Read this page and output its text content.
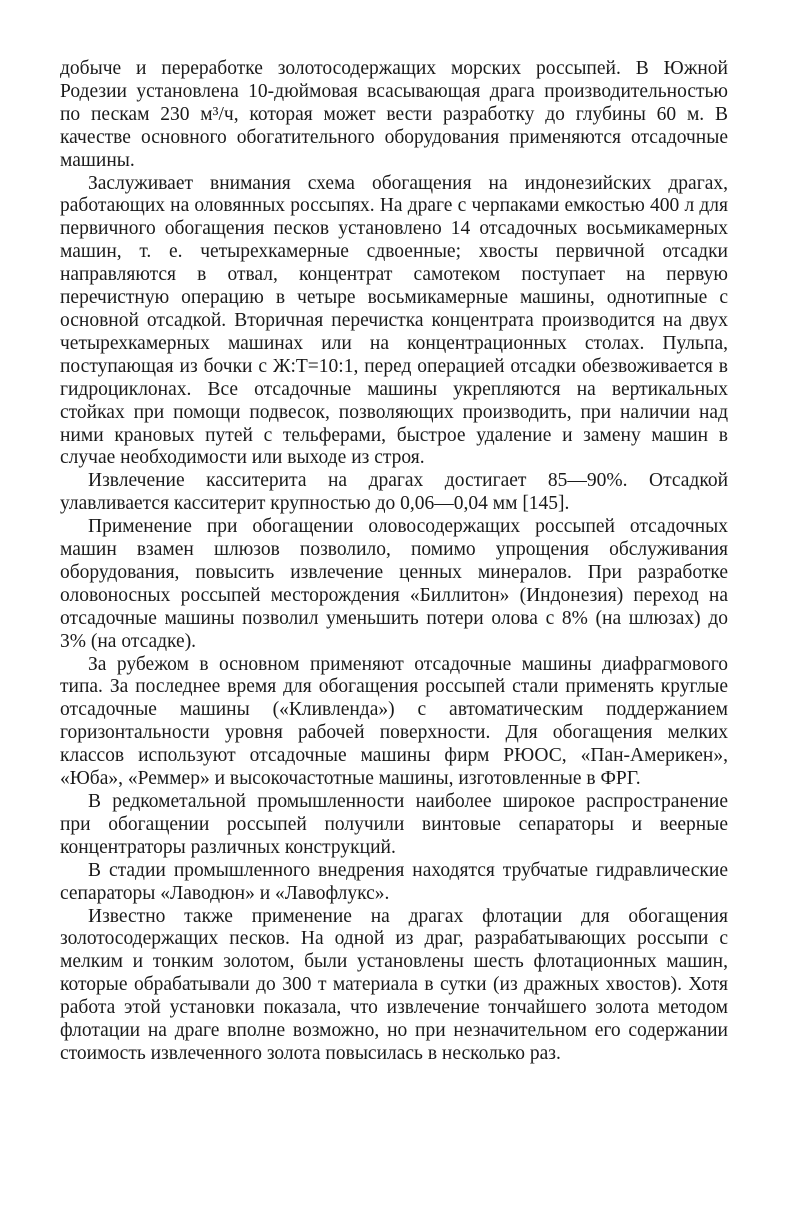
добыче и переработке золотосодержащих морских россыпей. В Южной Родезии установлена 10-дюймовая всасывающая драга производительностью по пескам 230 м³/ч, которая может вести разработку до глубины 60 м. В качестве основного обогатительного оборудования применяются отсадочные машины.

Заслуживает внимания схема обогащения на индонезийских драгах, работающих на оловянных россыпях. На драге с черпаками емкостью 400 л для первичного обогащения песков установлено 14 отсадочных восьмикамерных машин, т. е. четырехкамерные сдвоенные; хвосты первичной отсадки направляются в отвал, концентрат самотеком поступает на первую перечистную операцию в четыре восьмикамерные машины, однотипные с основной отсадкой. Вторичная перечистка концентрата производится на двух четырехкамерных машинах или на концентрационных столах. Пульпа, поступающая из бочки с Ж:Т=10:1, перед операцией отсадки обезвоживается в гидроциклонах. Все отсадочные машины укрепляются на вертикальных стойках при помощи подвесок, позволяющих производить, при наличии над ними крановых путей с тельферами, быстрое удаление и замену машин в случае необходимости или выходе из строя.

Извлечение касситерита на драгах достигает 85—90%. Отсадкой улавливается касситерит крупностью до 0,06—0,04 мм [145].

Применение при обогащении оловосодержащих россыпей отсадочных машин взамен шлюзов позволило, помимо упрощения обслуживания оборудования, повысить извлечение ценных минералов. При разработке оловоносных россыпей месторождения «Биллитон» (Индонезия) переход на отсадочные машины позволил уменьшить потери олова с 8% (на шлюзах) до 3% (на отсадке).

За рубежом в основном применяют отсадочные машины диафрагмового типа. За последнее время для обогащения россыпей стали применять круглые отсадочные машины («Кливленда») с автоматическим поддержанием горизонтальности уровня рабочей поверхности. Для обогащения мелких классов используют отсадочные машины фирм РЮОС, «Пан-Америкен», «Юба», «Реммер» и высокочастотные машины, изготовленные в ФРГ.

В редкометальной промышленности наиболее широкое распространение при обогащении россыпей получили винтовые сепараторы и веерные концентраторы различных конструкций.

В стадии промышленного внедрения находятся трубчатые гидравлические сепараторы «Лаводюн» и «Лавофлукс».

Известно также применение на драгах флотации для обогащения золотосодержащих песков. На одной из драг, разрабатывающих россыпи с мелким и тонким золотом, были установлены шесть флотационных машин, которые обрабатывали до 300 т материала в сутки (из дражных хвостов). Хотя работа этой установки показала, что извлечение тончайшего золота методом флотации на драге вполне возможно, но при незначительном его содержании стоимость извлеченного золота повысилась в несколько раз.
